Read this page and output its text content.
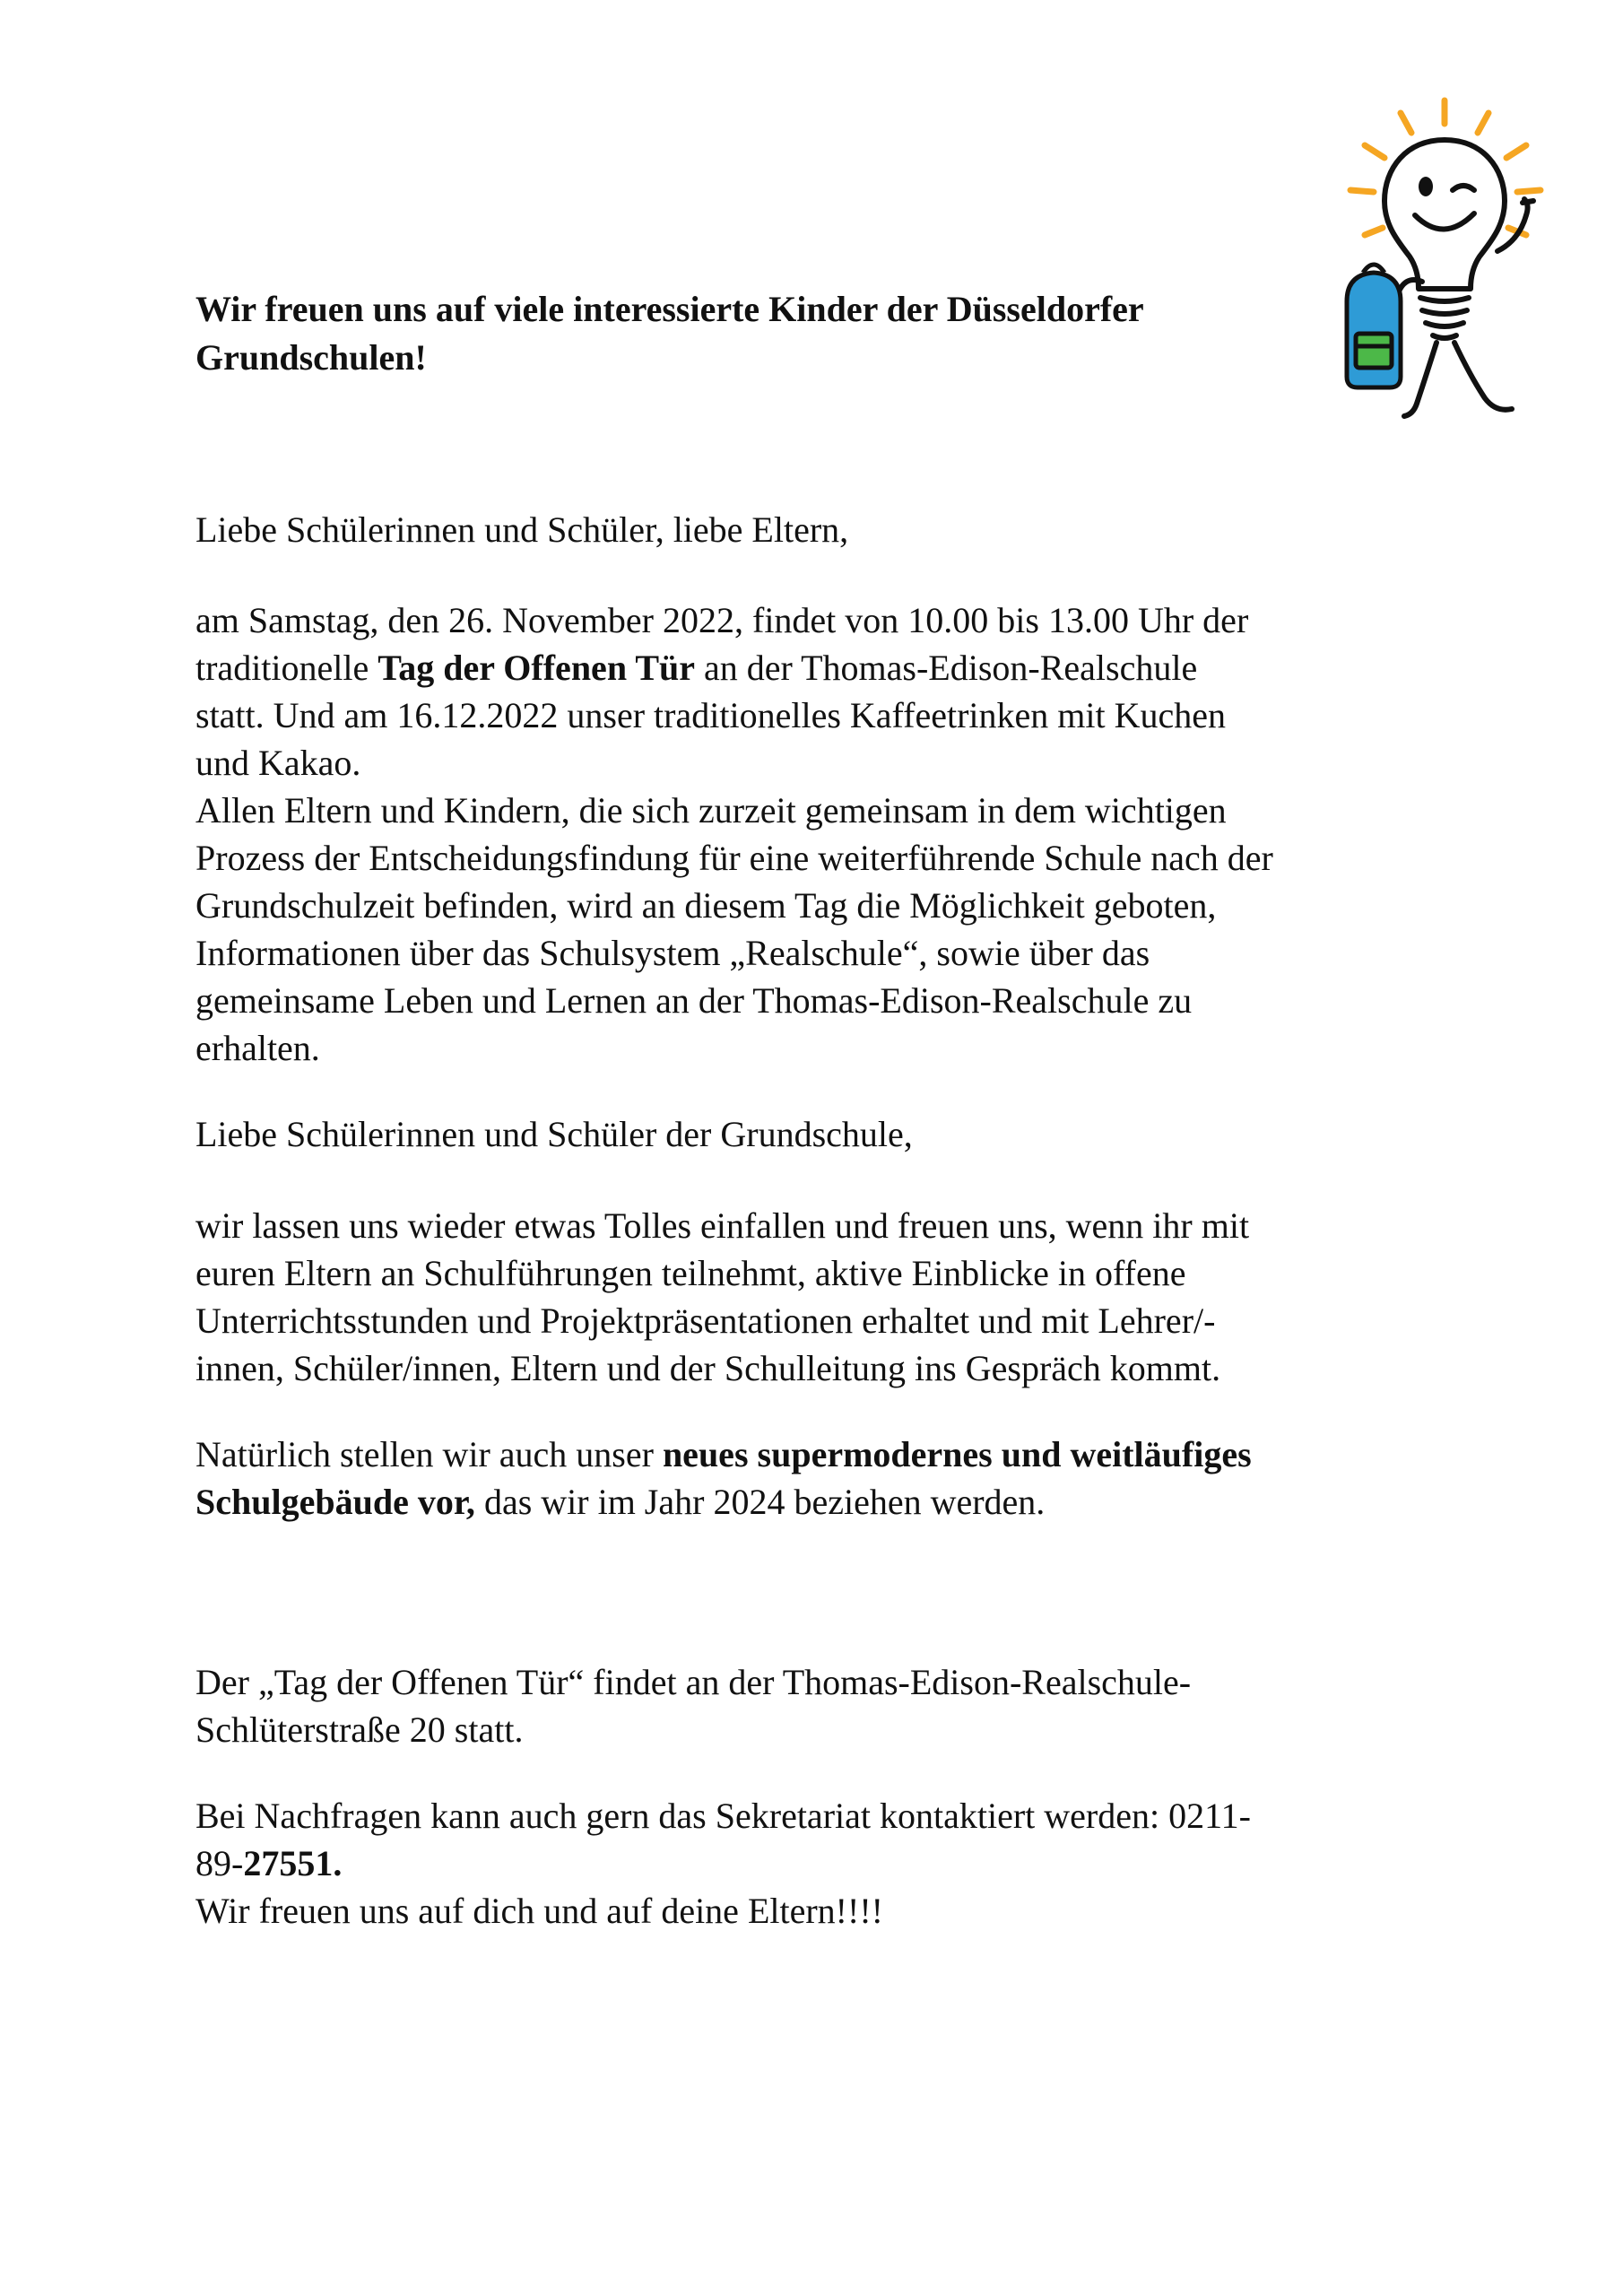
Wir freuen uns auf viele interessierte Kinder der Düsseldorfer
Grundschulen!

Liebe Schülerinnen und Schüler, liebe Eltern,

am Samstag, den 26. November 2022, findet von 10.00 bis 13.00 Uhr der
traditionelle Tag der Offenen Tür an der Thomas-Edison-Realschule
statt. Und am 16.12.2022 unser traditionelles Kaffeetrinken mit Kuchen
und Kakao.
Allen Eltern und Kindern, die sich zurzeit gemeinsam in dem wichtigen
Prozess der Entscheidungsfindung für eine weiterführende Schule nach der
Grundschulzeit befinden, wird an diesem Tag die Möglichkeit geboten,
Informationen über das Schulsystem „Realschule“, sowie über das
gemeinsame Leben und Lernen an der Thomas-Edison-Realschule zu
erhalten.

Liebe Schülerinnen und Schüler der Grundschule,

wir lassen uns wieder etwas Tolles einfallen und freuen uns, wenn ihr mit
euren Eltern an Schulführungen teilnehmt, aktive Einblicke in offene
Unterrichtsstunden und Projektpräsentationen erhaltet und mit Lehrer/-
innen, Schüler/innen, Eltern und der Schulleitung ins Gespräch kommt.

Natürlich stellen wir auch unser neues supermodernes und weitläufiges
Schulgebäude vor, das wir im Jahr 2024 beziehen werden.

Der „Tag der Offenen Tür“ findet an der Thomas-Edison-Realschule-
Schlüterstraße 20 statt.

Bei Nachfragen kann auch gern das Sekretariat kontaktiert werden: 0211-
89-27551.
Wir freuen uns auf dich und auf deine Eltern!!!!
